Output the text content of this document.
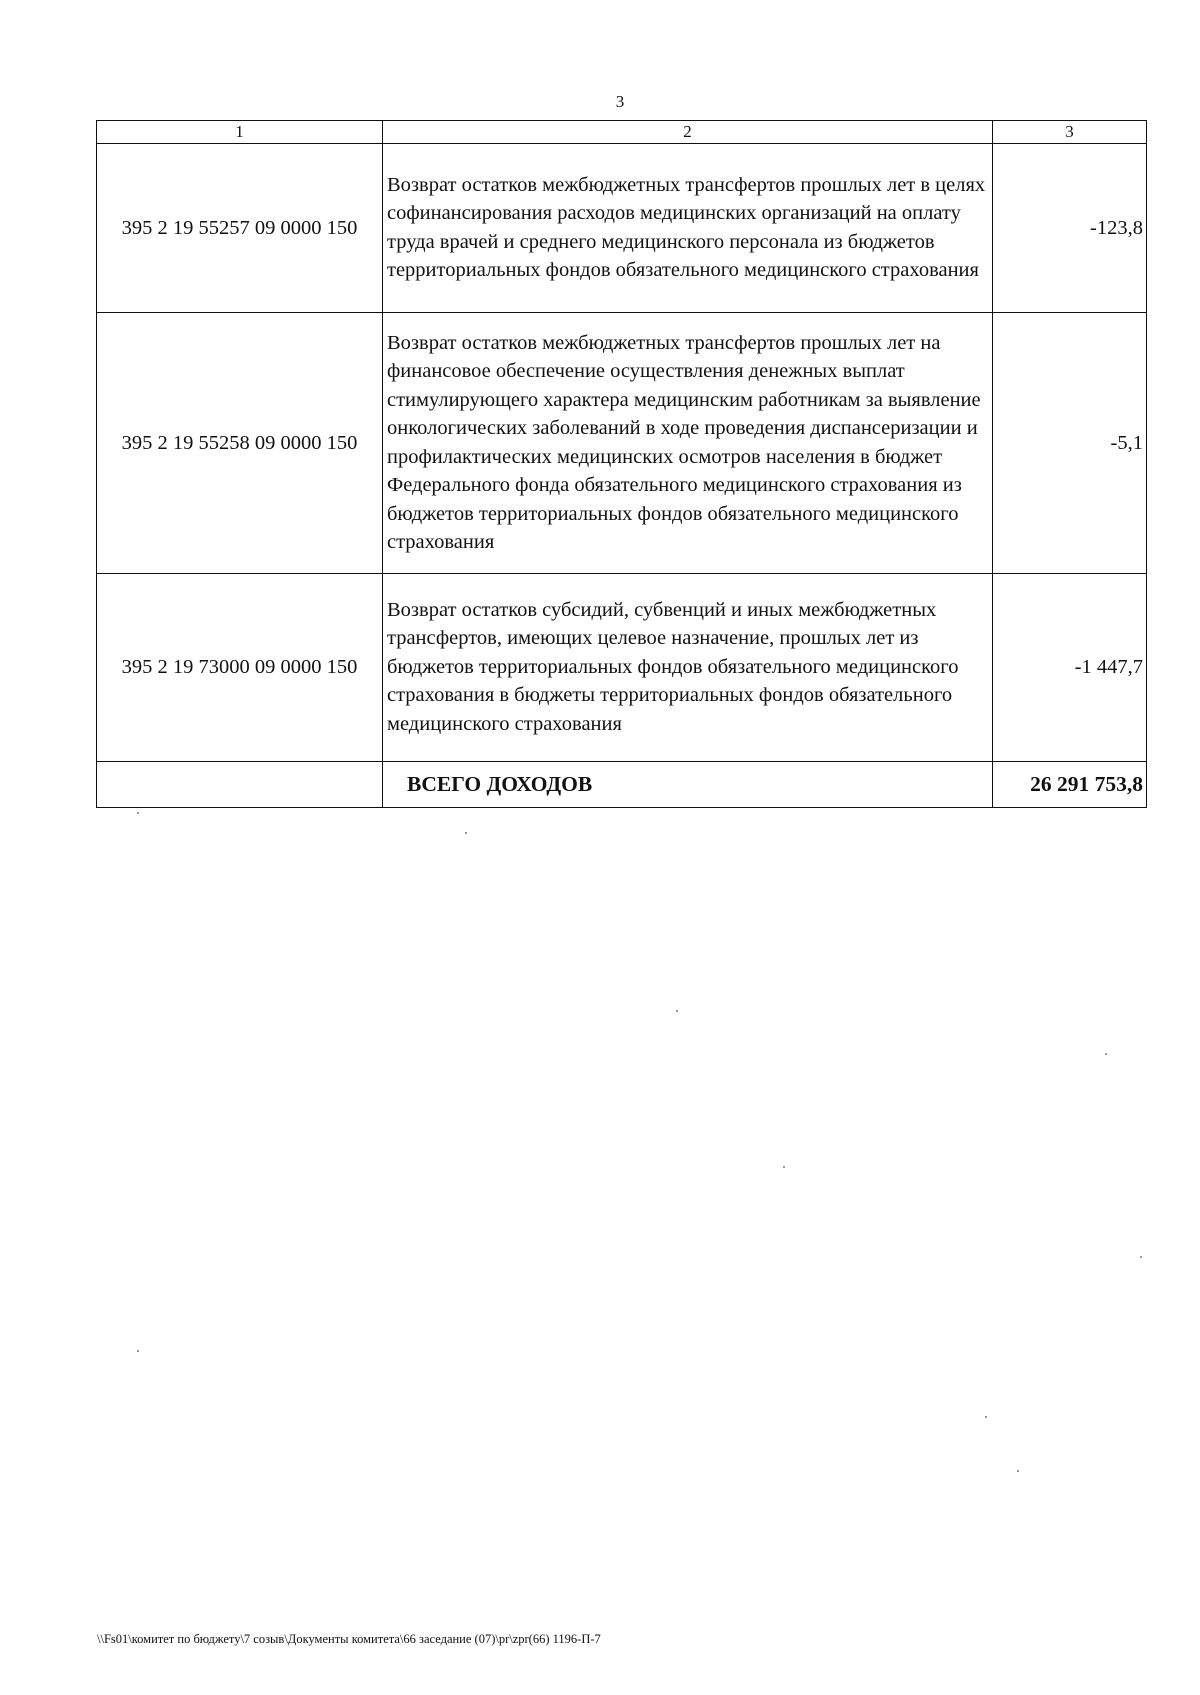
3
1	2	3
395 2 19 55257 09 0000 150	Возврат остатков межбюджетных трансфертов прошлых лет в целях софинансирования расходов медицинских организаций на оплату труда врачей и среднего медицинского персонала из бюджетов территориальных фондов обязательного медицинского страхования	-123,8
395 2 19 55258 09 0000 150	Возврат остатков межбюджетных трансфертов прошлых лет на финансовое обеспечение осуществления денежных выплат стимулирующего характера медицинским работникам за выявление онкологических заболеваний в ходе проведения диспансеризации и профилактических медицинских осмотров населения в бюджет Федерального фонда обязательного медицинского страхования из бюджетов территориальных фондов обязательного медицинского страхования	-5,1
395 2 19 73000 09 0000 150	Возврат остатков субсидий, субвенций и иных межбюджетных трансфертов, имеющих целевое назначение, прошлых лет из бюджетов территориальных фондов обязательного медицинского страхования в бюджеты территориальных фондов обязательного медицинского страхования	-1 447,7
	ВСЕГО ДОХОДОВ	26 291 753,8
\\Fs01\комитет по бюджету\7 созыв\Документы комитета\66 заседание (07)\pr\zpr(66) 1196-П-7
